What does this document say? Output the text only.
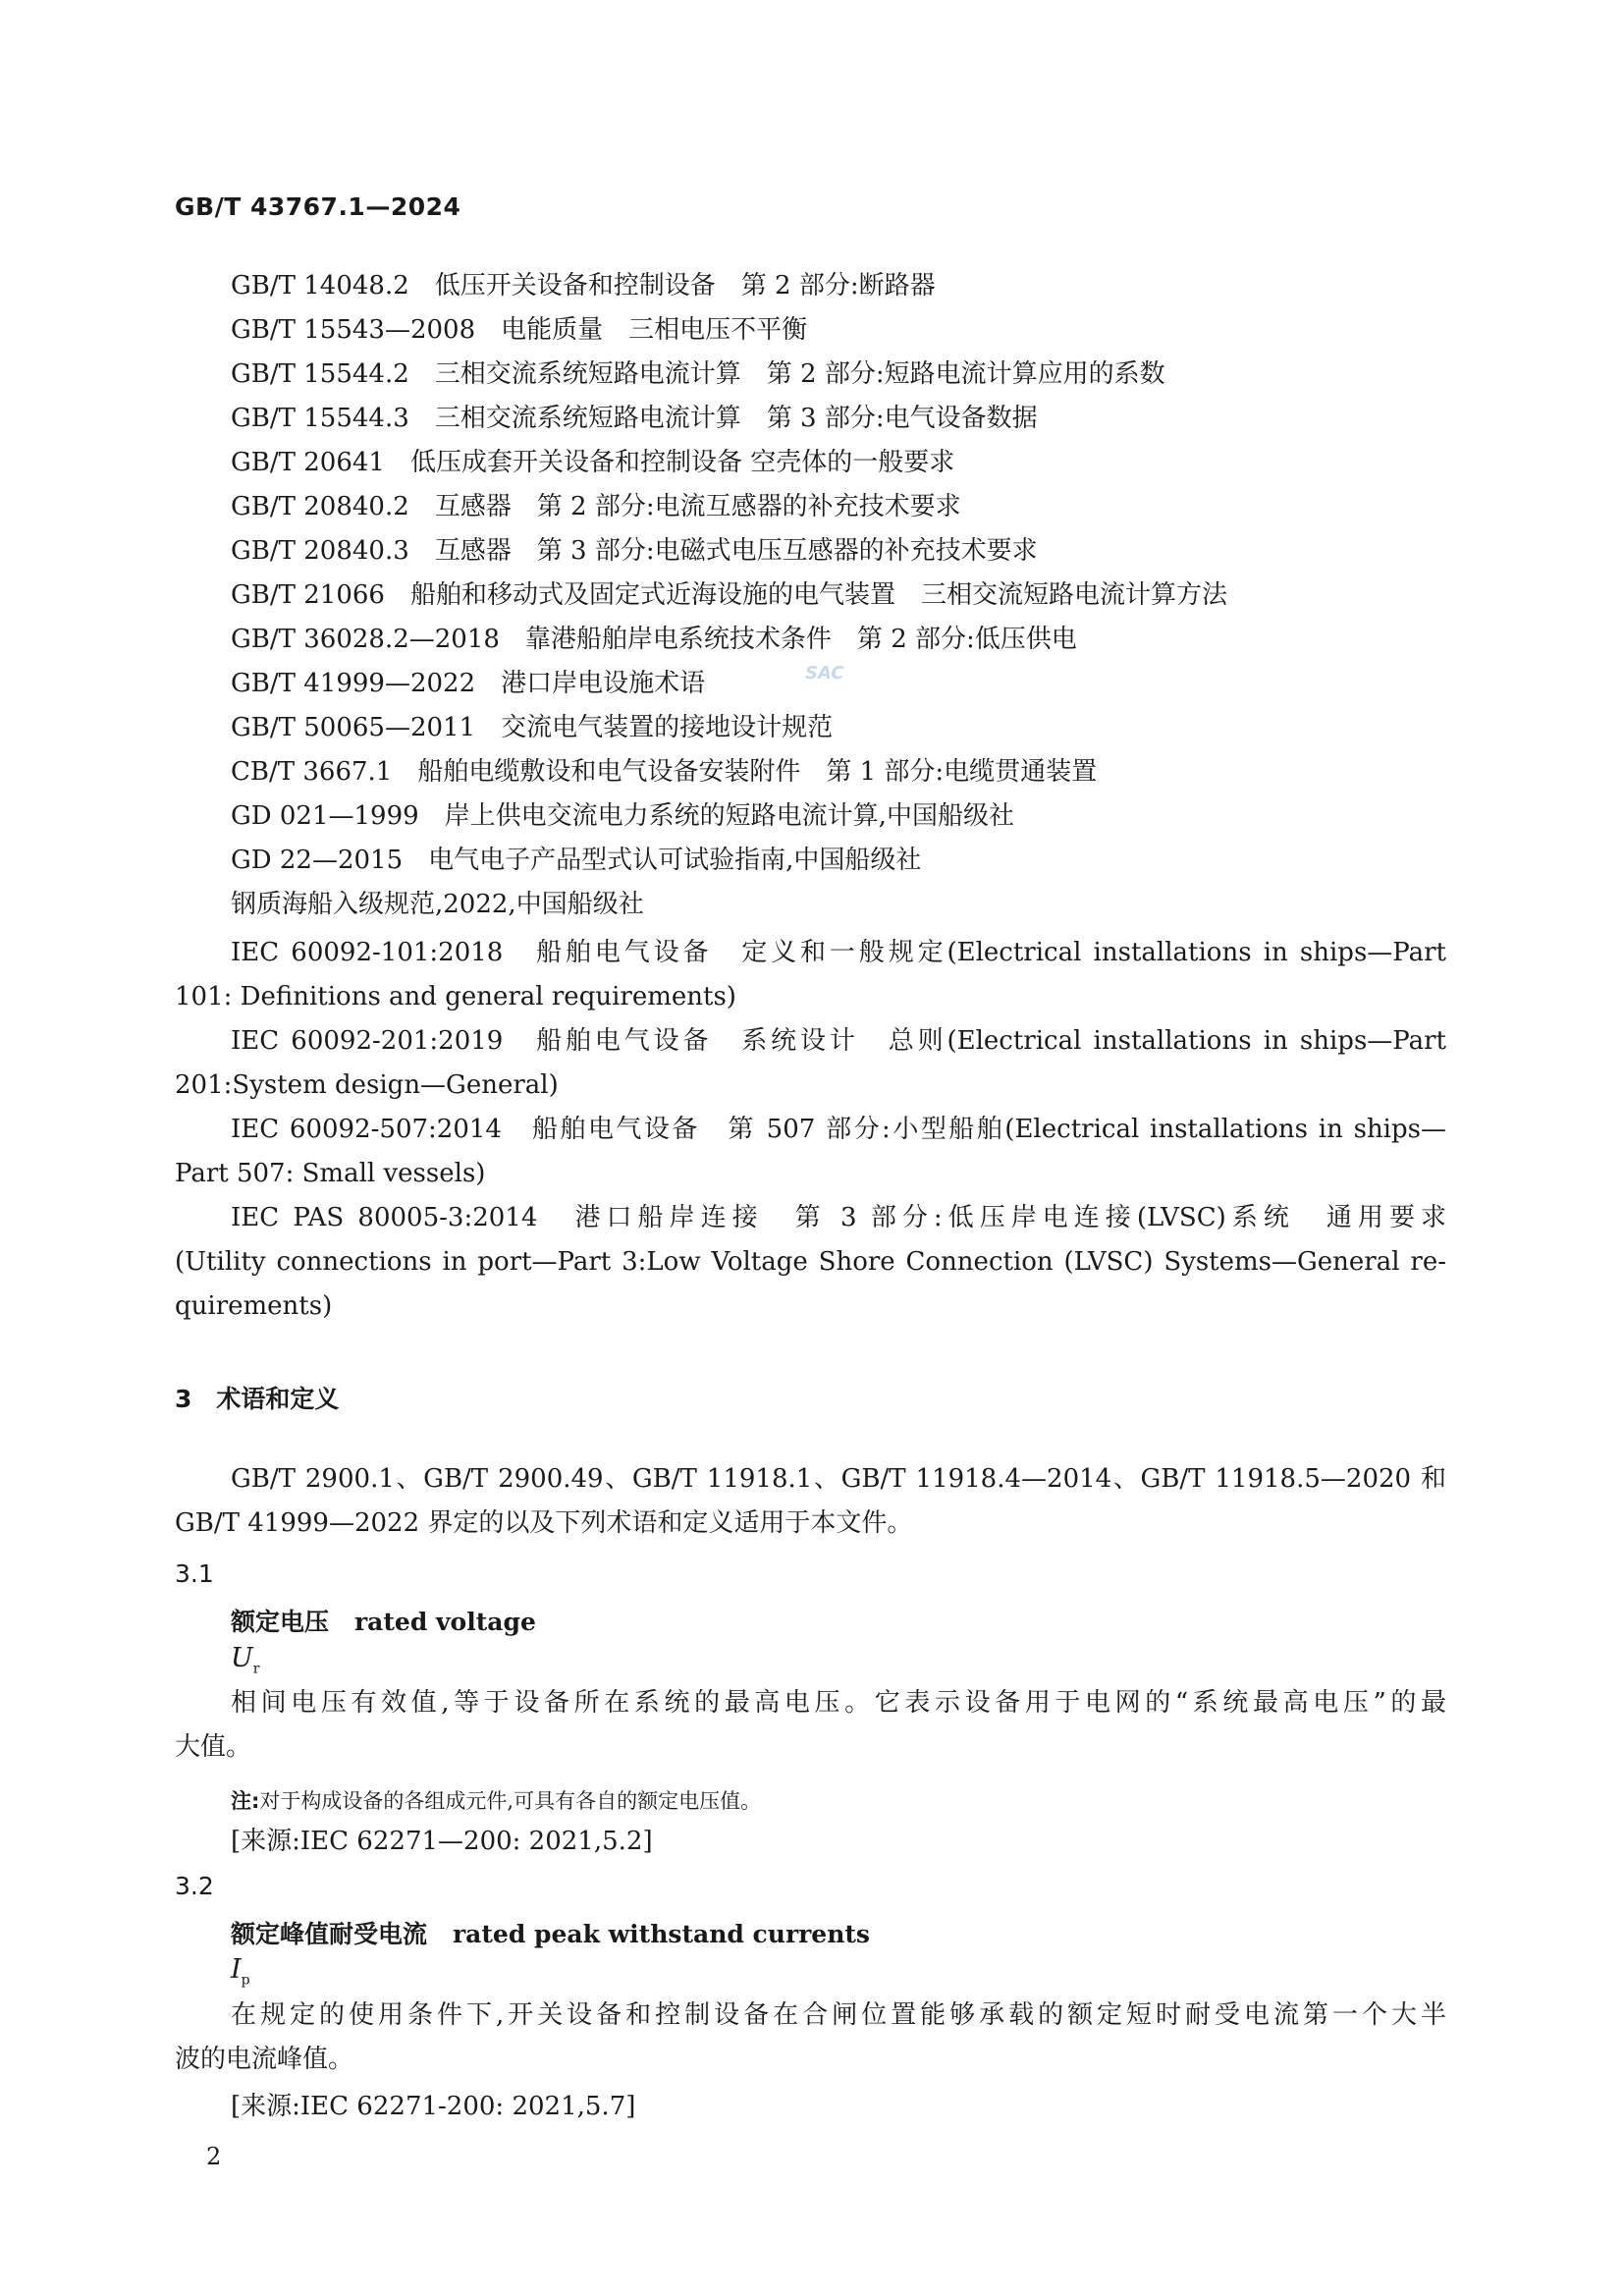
GB/T 43767.1—2024
GB/T 14048.2　低压开关设备和控制设备　第 2 部分:断路器
GB/T 15543—2008　电能质量　三相电压不平衡
GB/T 15544.2　三相交流系统短路电流计算　第 2 部分:短路电流计算应用的系数
GB/T 15544.3　三相交流系统短路电流计算　第 3 部分:电气设备数据
GB/T 20641　低压成套开关设备和控制设备 空壳体的一般要求
GB/T 20840.2　互感器　第 2 部分:电流互感器的补充技术要求
GB/T 20840.3　互感器　第 3 部分:电磁式电压互感器的补充技术要求
GB/T 21066　船舶和移动式及固定式近海设施的电气装置　三相交流短路电流计算方法
GB/T 36028.2—2018　靠港船舶岸电系统技术条件　第 2 部分:低压供电
GB/T 41999—2022　港口岸电设施术语
GB/T 50065—2011　交流电气装置的接地设计规范
CB/T 3667.1　船舶电缆敷设和电气设备安装附件　第 1 部分:电缆贯通装置
GD 021—1999　岸上供电交流电力系统的短路电流计算,中国船级社
GD 22—2015　电气电子产品型式认可试验指南,中国船级社
钢质海船入级规范,2022,中国船级社
SAC
IEC 60092-101:2018　船舶电气设备　定义和一般规定(Electrical installations in ships—Part
101: Definitions and general requirements)
IEC 60092-201:2019　船舶电气设备　系统设计　总则(Electrical installations in ships—Part
201:System design—General)
IEC 60092-507:2014　船舶电气设备　第 507 部分:小型船舶(Electrical installations in ships—
Part 507: Small vessels)
IEC PAS 80005-3:2014　港口船岸连接　第 3 部分:低压岸电连接(LVSC)系统　通用要求
(Utility connections in port—Part 3:Low Voltage Shore Connection (LVSC) Systems—General re-
quirements)
3　术语和定义
GB/T 2900.1、GB/T 2900.49、GB/T 11918.1、GB/T 11918.4—2014、GB/T 11918.5—2020 和
GB/T 41999—2022 界定的以及下列术语和定义适用于本文件。
3.1
额定电压 rated voltage
$U_r$
相间电压有效值,等于设备所在系统的最高电压。它表示设备用于电网的“系统最高电压”的最
大值。
注:对于构成设备的各组成元件,可具有各自的额定电压值。
[来源:IEC 62271—200: 2021,5.2]
3.2
额定峰值耐受电流 rated peak withstand currents
$I_p$
在规定的使用条件下,开关设备和控制设备在合闸位置能够承载的额定短时耐受电流第一个大半
波的电流峰值。
[来源:IEC 62271-200: 2021,5.7]
2
